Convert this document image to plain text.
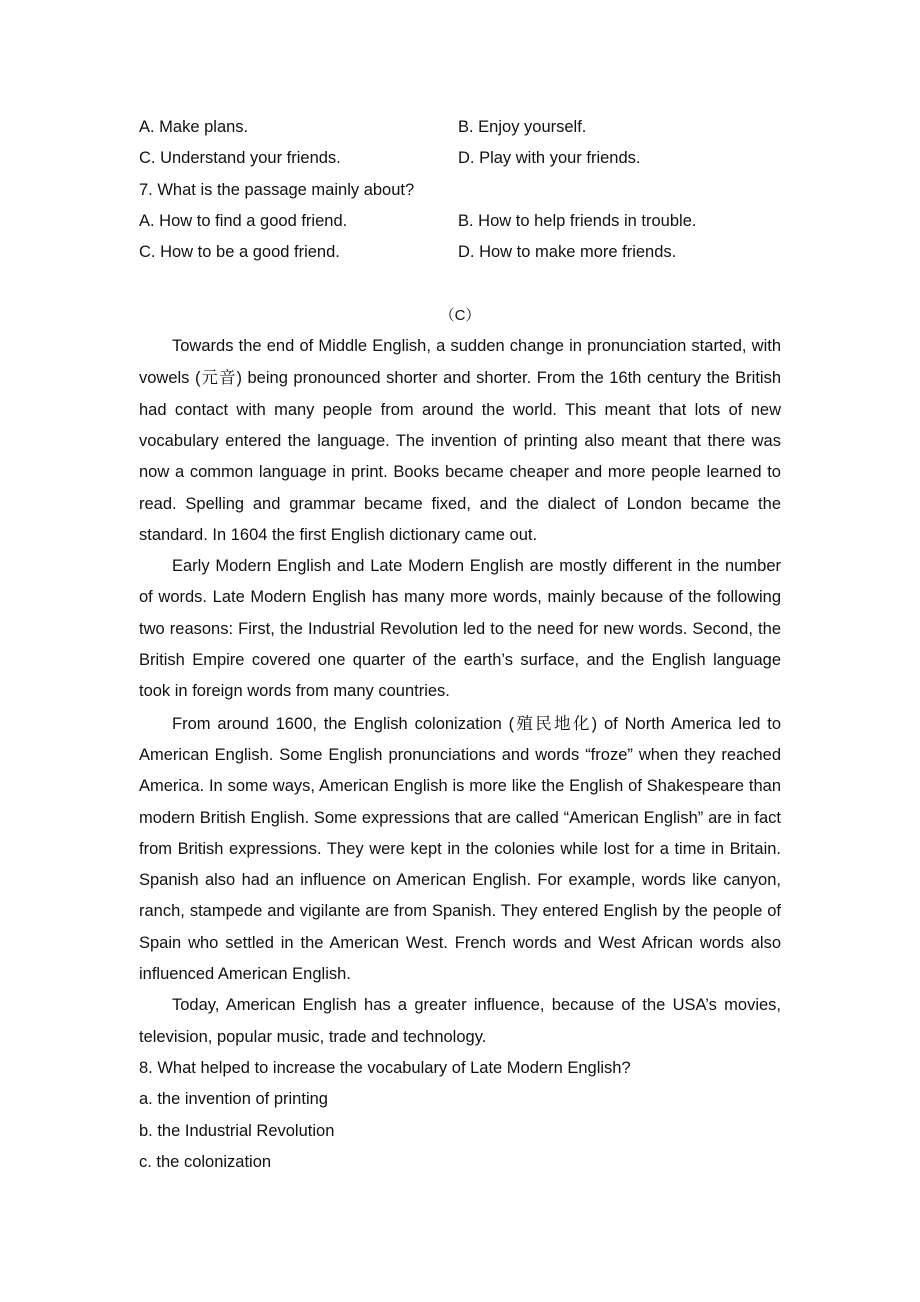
A. Make plans.	B. Enjoy yourself.
C. Understand your friends.	D. Play with your friends.
7. What is the passage mainly about?
A. How to find a good friend.	B. How to help friends in trouble.
C. How to be a good friend.	D. How to make more friends.
（C）

Towards the end of Middle English, a sudden change in pronunciation started, with vowels (元音) being pronounced shorter and shorter. From the 16th century the British had contact with many people from around the world. This meant that lots of new vocabulary entered the language. The invention of printing also meant that there was now a common language in print. Books became cheaper and more people learned to read. Spelling and grammar became fixed, and the dialect of London became the standard. In 1604 the first English dictionary came out.

Early Modern English and Late Modern English are mostly different in the number of words. Late Modern English has many more words, mainly because of the following two reasons: First, the Industrial Revolution led to the need for new words. Second, the British Empire covered one quarter of the earth’s surface, and the English language took in foreign words from many countries.

From around 1600, the English colonization (殖民地化) of North America led to American English. Some English pronunciations and words “froze” when they reached America. In some ways, American English is more like the English of Shakespeare than modern British English. Some expressions that are called “American English” are in fact from British expressions. They were kept in the colonies while lost for a time in Britain. Spanish also had an influence on American English. For example, words like canyon, ranch, stampede and vigilante are from Spanish. They entered English by the people of Spain who settled in the American West. French words and West African words also influenced American English.

Today, American English has a greater influence, because of the USA’s movies, television, popular music, trade and technology.

8. What helped to increase the vocabulary of Late Modern English?
a. the invention of printing
b. the Industrial Revolution
c. the colonization
